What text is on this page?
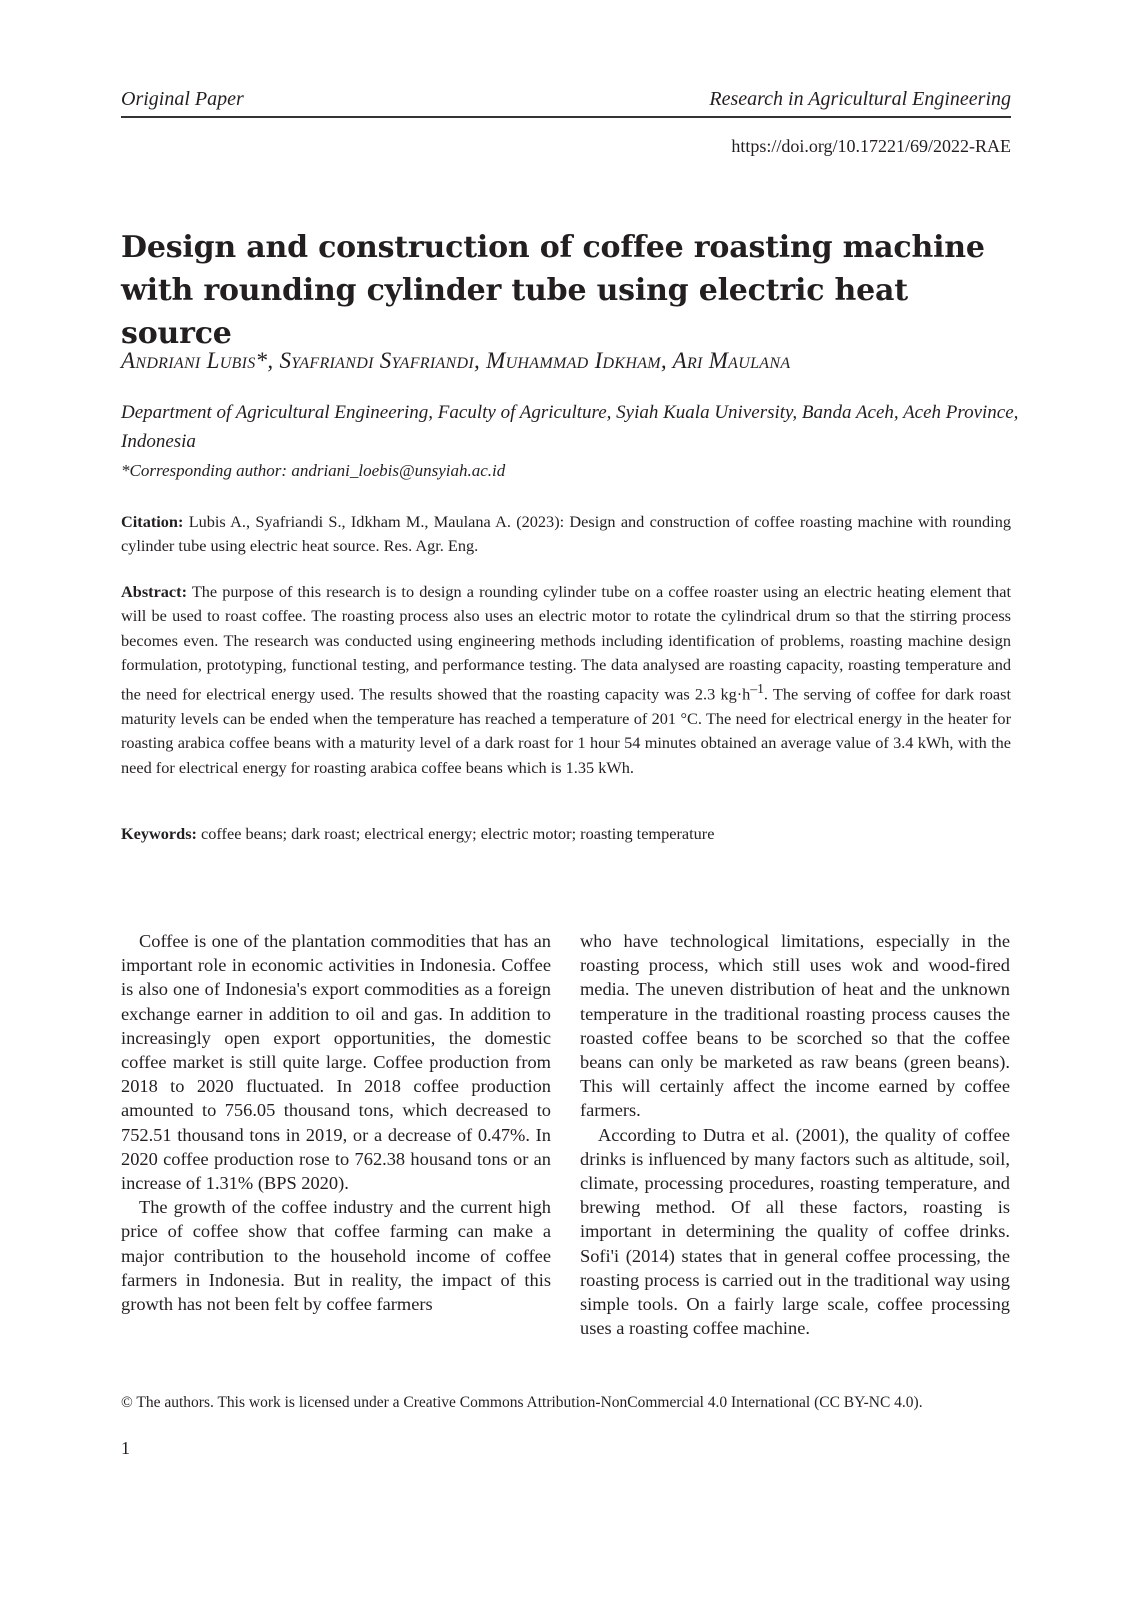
Original Paper	Research in Agricultural Engineering
https://doi.org/10.17221/69/2022-RAE
Design and construction of coffee roasting machine with rounding cylinder tube using electric heat source
Andriani Lubis*, Syafriandi Syafriandi, Muhammad Idkham, Ari Maulana
Department of Agricultural Engineering, Faculty of Agriculture, Syiah Kuala University, Banda Aceh, Aceh Province, Indonesia
*Corresponding author: andriani_loebis@unsyiah.ac.id
Citation: Lubis A., Syafriandi S., Idkham M., Maulana A. (2023): Design and construction of coffee roasting machine with rounding cylinder tube using electric heat source. Res. Agr. Eng.
Abstract: The purpose of this research is to design a rounding cylinder tube on a coffee roaster using an electric heating element that will be used to roast coffee. The roasting process also uses an electric motor to rotate the cylindrical drum so that the stirring process becomes even. The research was conducted using engineering methods including identification of problems, roasting machine design formulation, prototyping, functional testing, and performance testing. The data analysed are roasting capacity, roasting temperature and the need for electrical energy used. The results showed that the roasting capacity was 2.3 $kg\cdot h^{-1}$. The serving of coffee for dark roast maturity levels can be ended when the temperature has reached a temperature of 201 °C. The need for electrical energy in the heater for roasting arabica coffee beans with a maturity level of a dark roast for 1 hour 54 minutes obtained an average value of 3.4 kWh, with the need for electrical energy for roasting arabica coffee beans which is 1.35 kWh.
Keywords: coffee beans; dark roast; electrical energy; electric motor; roasting temperature

Coffee is one of the plantation commodities that has an important role in economic activities in Indonesia. Coffee is also one of Indonesia's export commodities as a foreign exchange earner in addition to oil and gas. In addition to increasingly open export opportunities, the domestic coffee market is still quite large. Coffee production from 2018 to 2020 fluctuated. In 2018 coffee production amounted to 756.05 thousand tons, which decreased to 752.51 thousand tons in 2019, or a decrease of 0.47%. In 2020 coffee production rose to 762.38 housand tons or an increase of 1.31% (BPS 2020).

The growth of the coffee industry and the current high price of coffee show that coffee farming can make a major contribution to the household income of coffee farmers in Indonesia. But in reality, the impact of this growth has not been felt by coffee farmers

who have technological limitations, especially in the roasting process, which still uses wok and wood-fired media. The uneven distribution of heat and the unknown temperature in the traditional roasting process causes the roasted coffee beans to be scorched so that the coffee beans can only be marketed as raw beans (green beans). This will certainly affect the income earned by coffee farmers.

According to Dutra et al. (2001), the quality of coffee drinks is influenced by many factors such as altitude, soil, climate, processing procedures, roasting temperature, and brewing method. Of all these factors, roasting is important in determining the quality of coffee drinks. Sofi'i (2014) states that in general coffee processing, the roasting process is carried out in the traditional way using simple tools. On a fairly large scale, coffee processing uses a roasting coffee machine.

© The authors. This work is licensed under a Creative Commons Attribution-NonCommercial 4.0 International (CC BY-NC 4.0).
1
